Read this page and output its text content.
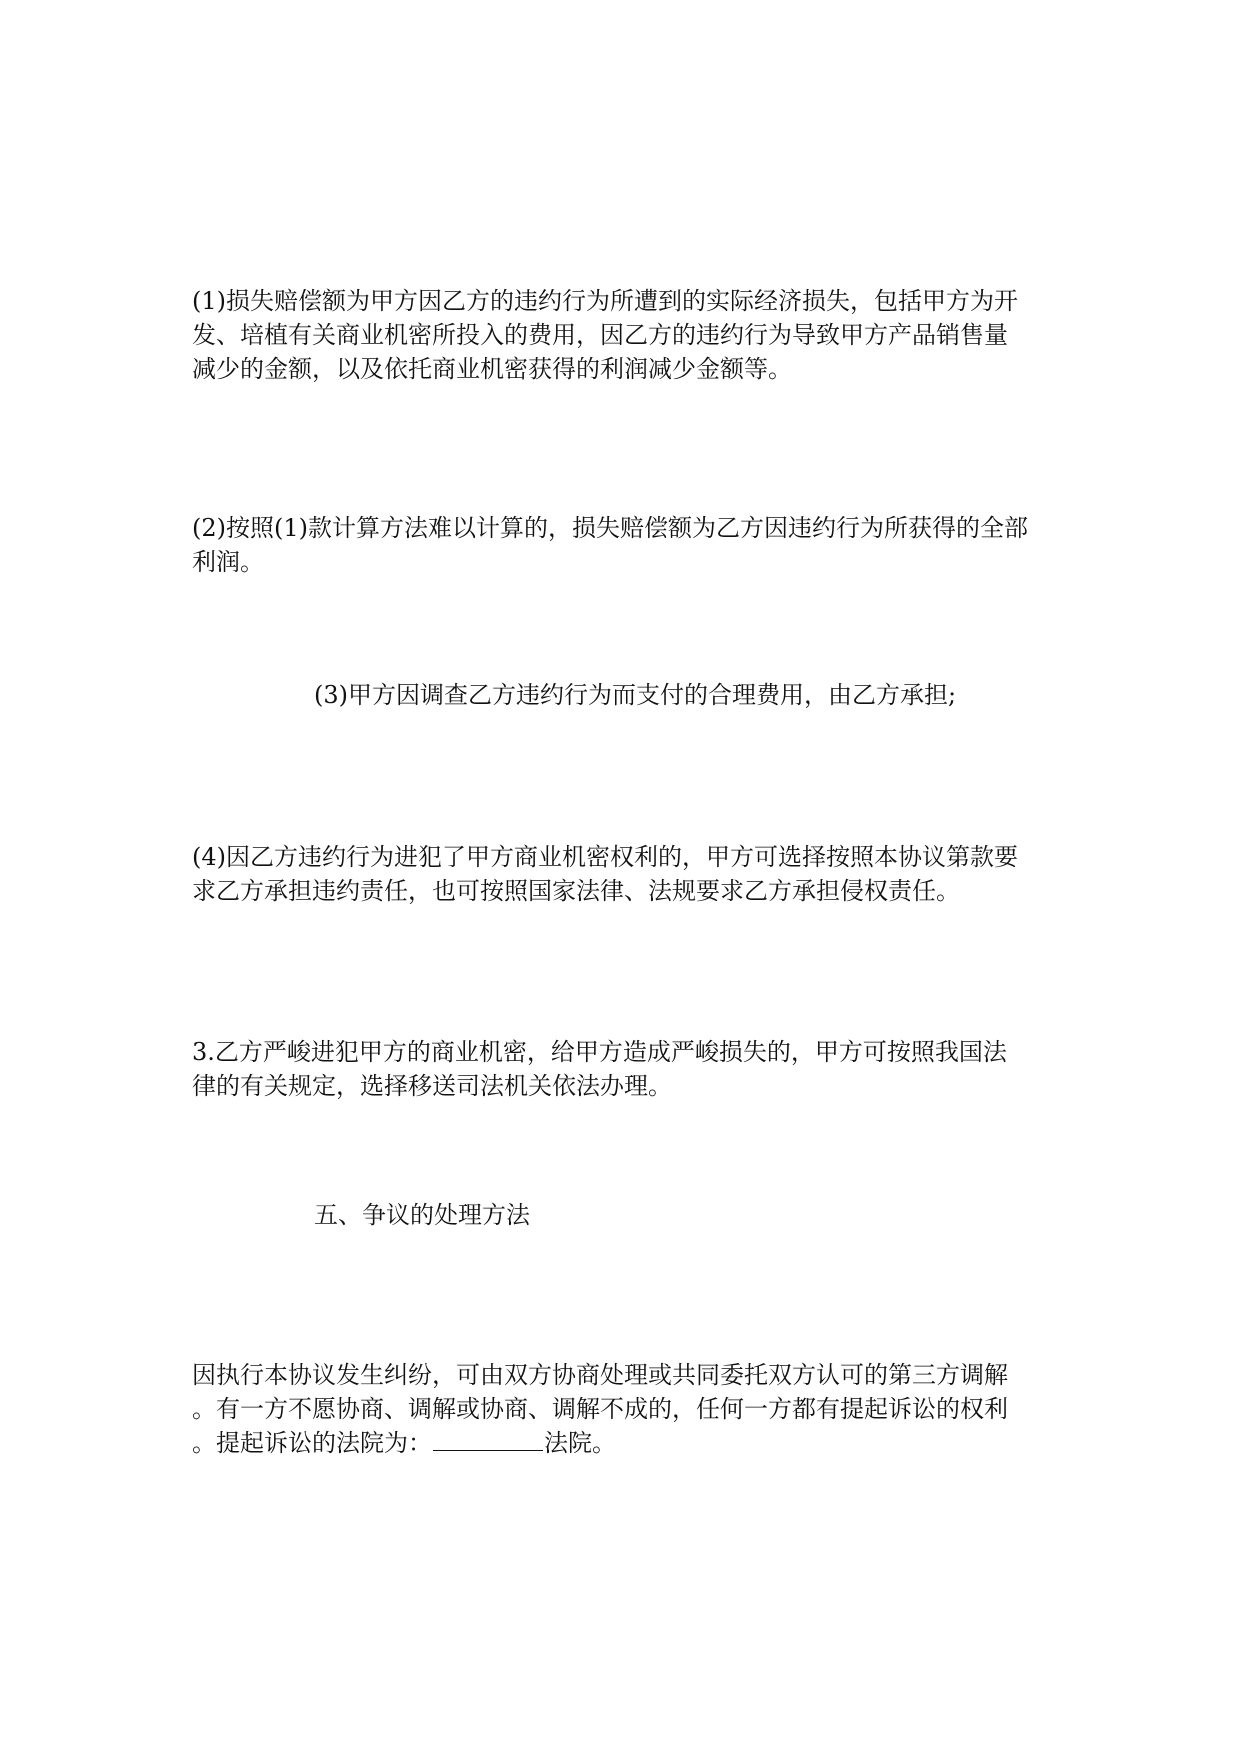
(1)损失赔偿额为甲方因乙方的违约行为所遭到的实际经济损失，包括甲方为开
发、培植有关商业机密所投入的费用，因乙方的违约行为导致甲方产品销售量
减少的金额，以及依托商业机密获得的利润减少金额等。

(2)按照(1)款计算方法难以计算的，损失赔偿额为乙方因违约行为所获得的全部
利润。

(3)甲方因调查乙方违约行为而支付的合理费用，由乙方承担;

(4)因乙方违约行为进犯了甲方商业机密权利的，甲方可选择按照本协议第款要
求乙方承担违约责任，也可按照国家法律、法规要求乙方承担侵权责任。

3.乙方严峻进犯甲方的商业机密，给甲方造成严峻损失的，甲方可按照我国法
律的有关规定，选择移送司法机关依法办理。

五、争议的处理方法

因执行本协议发生纠纷，可由双方协商处理或共同委托双方认可的第三方调解
。有一方不愿协商、调解或协商、调解不成的，任何一方都有提起诉讼的权利
。提起诉讼的法院为：	法院。
